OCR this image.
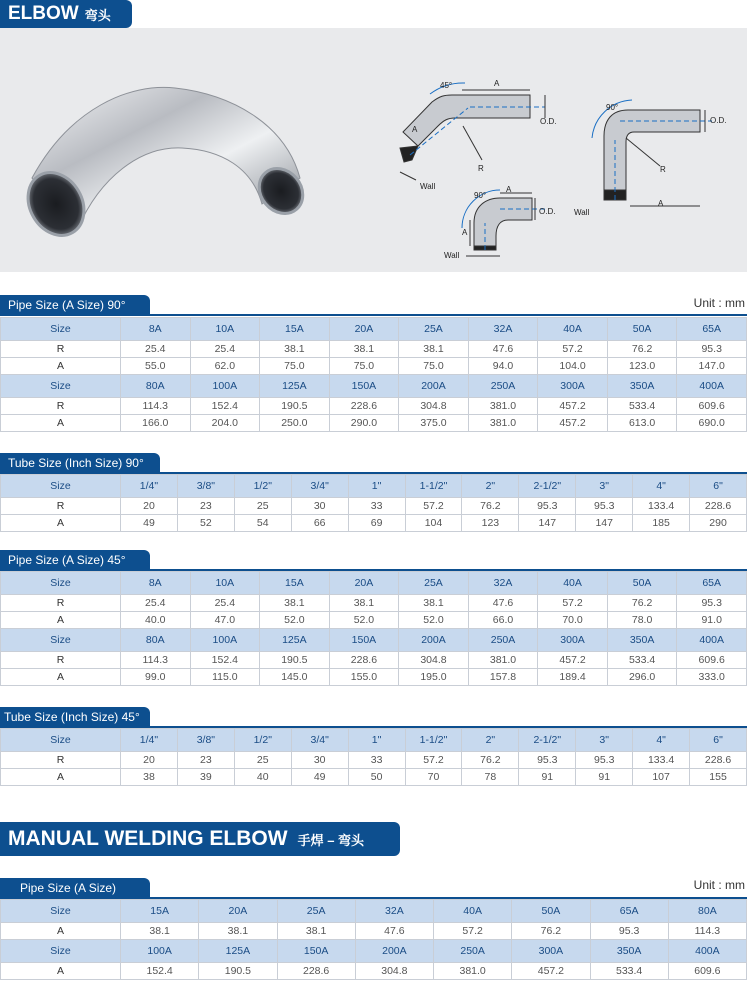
ELBOW 弯头
45°	A
A
O.D.
R
Wall
90°
O.D.
R
A
Wall
90°
A
A
O.D.
Wall
Pipe Size (A Size) 90°	Unit : mm
Size	8A	10A	15A	20A	25A	32A	40A	50A	65A
R	25.4	25.4	38.1	38.1	38.1	47.6	57.2	76.2	95.3
A	55.0	62.0	75.0	75.0	75.0	94.0	104.0	123.0	147.0
Size	80A	100A	125A	150A	200A	250A	300A	350A	400A
R	114.3	152.4	190.5	228.6	304.8	381.0	457.2	533.4	609.6
A	166.0	204.0	250.0	290.0	375.0	381.0	457.2	613.0	690.0
Tube Size (Inch Size) 90°
Size	1/4"	3/8"	1/2"	3/4"	1"	1-1/2"	2"	2-1/2"	3"	4"	6"
R	20	23	25	30	33	57.2	76.2	95.3	95.3	133.4	228.6
A	49	52	54	66	69	104	123	147	147	185	290
Pipe Size (A Size) 45°
Size	8A	10A	15A	20A	25A	32A	40A	50A	65A
R	25.4	25.4	38.1	38.1	38.1	47.6	57.2	76.2	95.3
A	40.0	47.0	52.0	52.0	52.0	66.0	70.0	78.0	91.0
Size	80A	100A	125A	150A	200A	250A	300A	350A	400A
R	114.3	152.4	190.5	228.6	304.8	381.0	457.2	533.4	609.6
A	99.0	115.0	145.0	155.0	195.0	157.8	189.4	296.0	333.0
Tube Size (Inch Size) 45°
Size	1/4"	3/8"	1/2"	3/4"	1"	1-1/2"	2"	2-1/2"	3"	4"	6"
R	20	23	25	30	33	57.2	76.2	95.3	95.3	133.4	228.6
A	38	39	40	49	50	70	78	91	91	107	155
MANUAL WELDING ELBOW 手焊 – 弯头
Pipe Size (A Size)	Unit : mm
Size	15A	20A	25A	32A	40A	50A	65A	80A
A	38.1	38.1	38.1	47.6	57.2	76.2	95.3	114.3
Size	100A	125A	150A	200A	250A	300A	350A	400A
A	152.4	190.5	228.6	304.8	381.0	457.2	533.4	609.6
